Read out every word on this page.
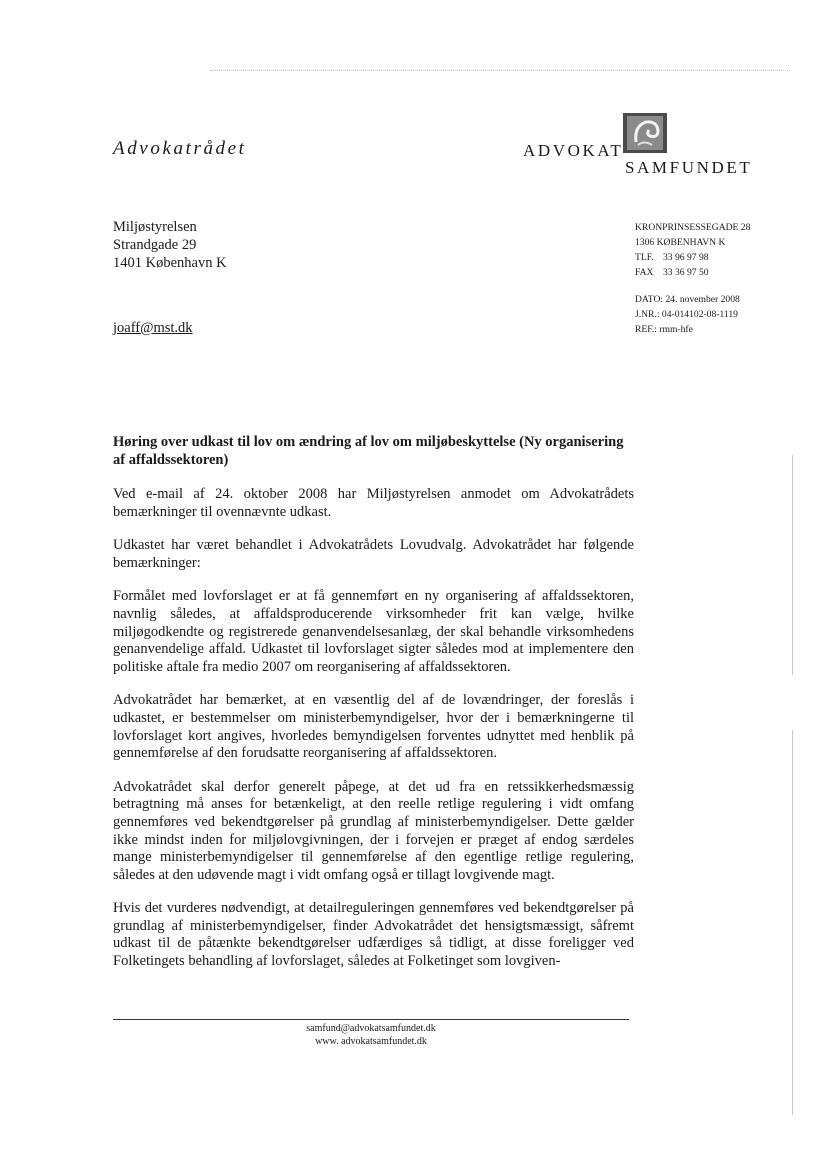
Advokatrådet	ADVOKAT
SAMFUNDET
Miljøstyrelsen
Strandgade 29
1401 København K
joaff@mst.dk
KRONPRINSESSEGADE 28
1306 KØBENHAVN K
TLF. 33 96 97 98
FAX 33 36 97 50
DATO: 24. november 2008
J.NR.: 04-014102-08-1119
REF.: rmm-hfe

Høring over udkast til lov om ændring af lov om miljøbeskyttelse (Ny organisering af affaldssektoren)

Ved e-mail af 24. oktober 2008 har Miljøstyrelsen anmodet om Advokatrådets bemærkninger til ovennævnte udkast.

Udkastet har været behandlet i Advokatrådets Lovudvalg. Advokatrådet har følgende bemærkninger:

Formålet med lovforslaget er at få gennemført en ny organisering af affaldssektoren, navnlig således, at affaldsproducerende virksomheder frit kan vælge, hvilke miljøgodkendte og registrerede genanvendelsesanlæg, der skal behandle virksomhedens genanvendelige affald. Udkastet til lovforslaget sigter således mod at implementere den politiske aftale fra medio 2007 om reorganisering af affaldssektoren.

Advokatrådet har bemærket, at en væsentlig del af de lovændringer, der foreslås i udkastet, er bestemmelser om ministerbemyndigelser, hvor der i bemærkningerne til lovforslaget kort angives, hvorledes bemyndigelsen forventes udnyttet med henblik på gennemførelse af den forudsatte reorganisering af affaldssektoren.

Advokatrådet skal derfor generelt påpege, at det ud fra en retssikkerhedsmæssig betragtning må anses for betænkeligt, at den reelle retlige regulering i vidt omfang gennemføres ved bekendtgørelser på grundlag af ministerbemyndigelser. Dette gælder ikke mindst inden for miljølovgivningen, der i forvejen er præget af endog særdeles mange ministerbemyndigelser til gennemførelse af den egentlige retlige regulering, således at den udøvende magt i vidt omfang også er tillagt lovgivende magt.

Hvis det vurderes nødvendigt, at detailreguleringen gennemføres ved bekendtgørelser på grundlag af ministerbemyndigelser, finder Advokatrådet det hensigtsmæssigt, såfremt udkast til de påtænkte bekendtgørelser udfærdiges så tidligt, at disse foreligger ved Folketingets behandling af lovforslaget, således at Folketinget som lovgiven-

samfund@advokatsamfundet.dk
www. advokatsamfundet.dk
